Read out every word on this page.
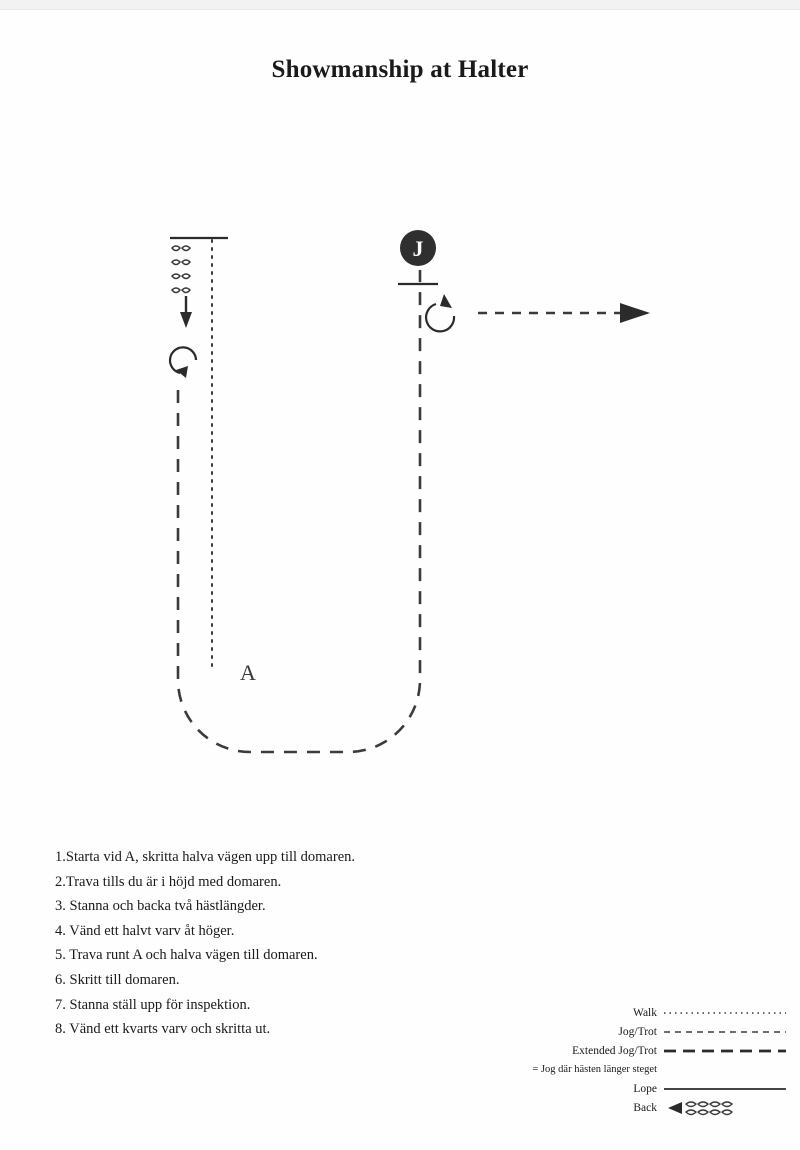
Showmanship at Halter
J
A
1.Starta vid A, skritta halva vägen upp till domaren.
2.Trava tills du är i höjd med domaren.
3. Stanna och backa två hästlängder.
4. Vänd ett halvt varv åt höger.
5. Trava runt A och halva vägen till domaren.
6. Skritt till domaren.
7. Stanna ställ upp för inspektion.
8. Vänd ett kvarts varv och skritta ut.
Walk
Jog/Trot
Extended Jog/Trot
= Jog där hästen länger steget
Lope
Back
